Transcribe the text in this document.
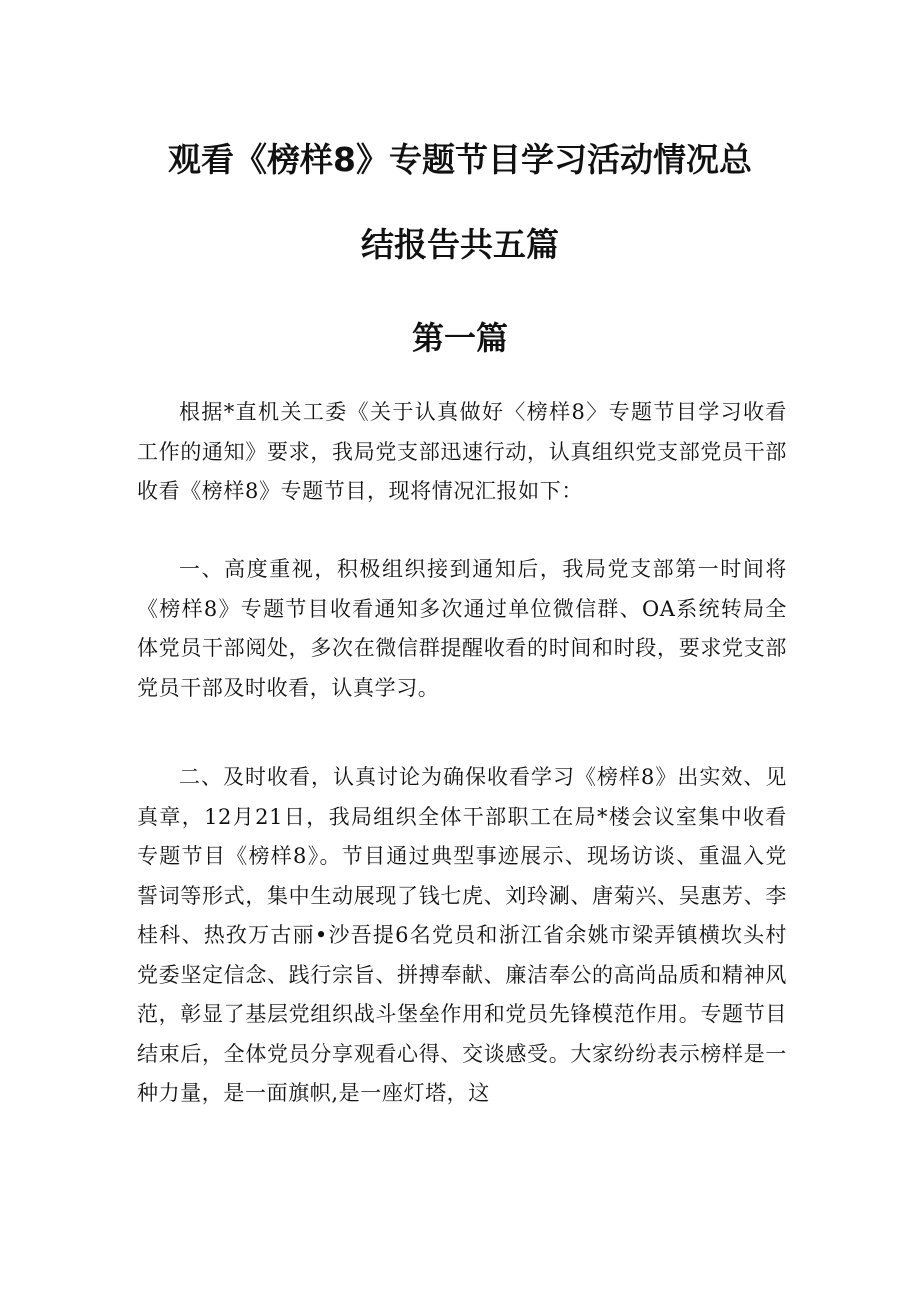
观看《榜样8》专题节目学习活动情况总
结报告共五篇
第一篇

根据*直机关工委《关于认真做好〈榜样8〉专题节目学习收看工作的通知》要求，我局党支部迅速行动，认真组织党支部党员干部收看《榜样8》专题节目，现将情况汇报如下：

一、高度重视，积极组织接到通知后，我局党支部第一时间将《榜样8》专题节目收看通知多次通过单位微信群、OA系统转局全体党员干部阅处，多次在微信群提醒收看的时间和时段，要求党支部党员干部及时收看，认真学习。

二、及时收看，认真讨论为确保收看学习《榜样8》出实效、见真章，12月21日，我局组织全体干部职工在局*楼会议室集中收看专题节目《榜样8》。节目通过典型事迹展示、现场访谈、重温入党誓词等形式，集中生动展现了钱七虎、刘玲涮、唐菊兴、吴惠芳、李桂科、热孜万古丽•沙吾提6名党员和浙江省余姚市梁弄镇横坎头村党委坚定信念、践行宗旨、拼搏奉献、廉洁奉公的高尚品质和精神风范，彰显了基层党组织战斗堡垒作用和党员先锋模范作用。专题节目结束后，全体党员分享观看心得、交谈感受。大家纷纷表示榜样是一种力量，是一面旗帜,是一座灯塔，这
